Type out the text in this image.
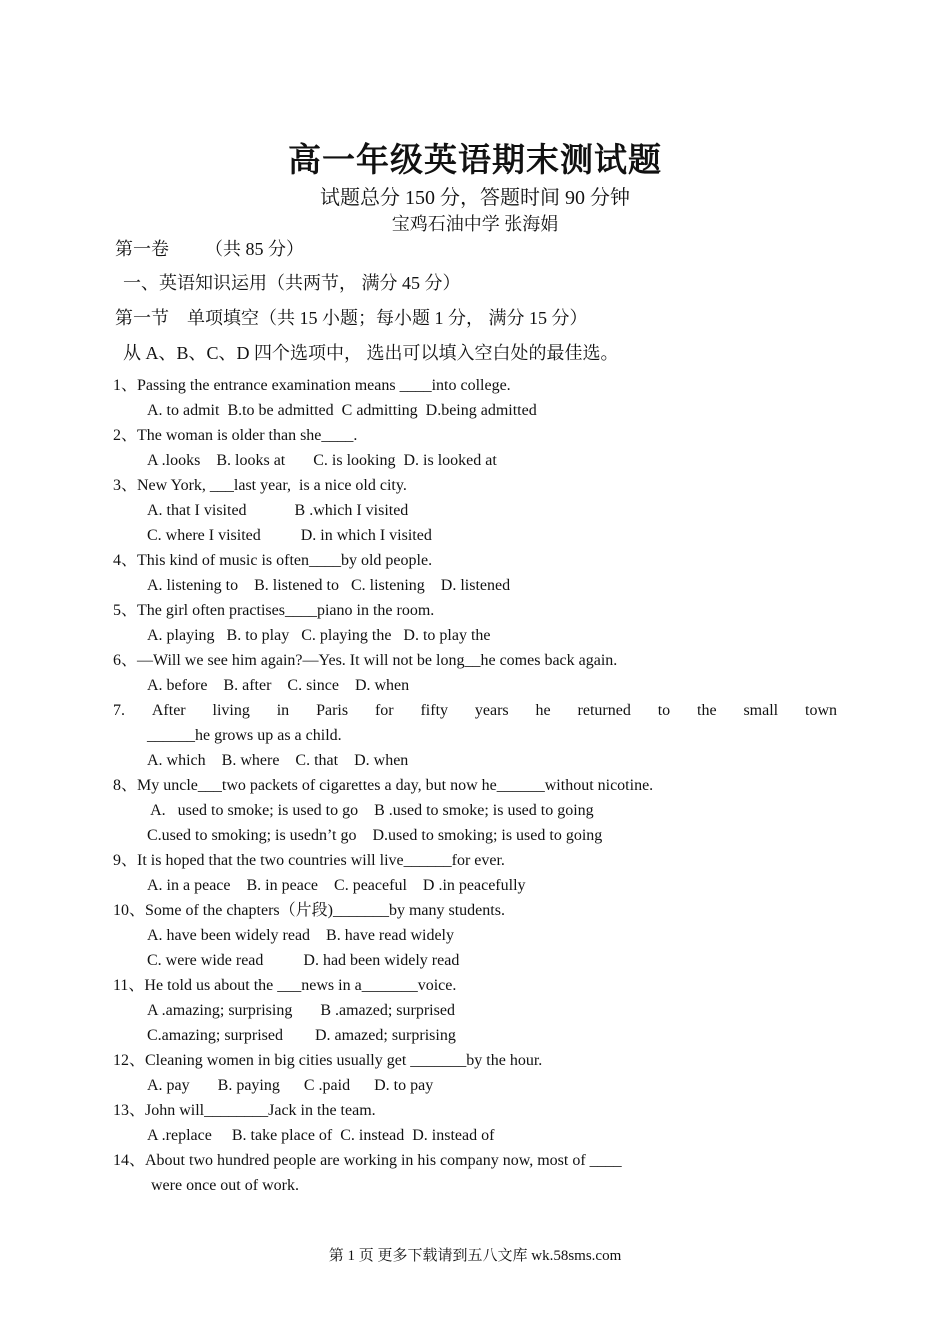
高一年级英语期末测试题
试题总分 150 分，答题时间 90 分钟
宝鸡石油中学 张海娟
第一卷        （共 85 分）
一、英语知识运用（共两节， 满分 45 分）
第一节    单项填空（共 15 小题；每小题 1 分， 满分 15 分）
从 A、B、C、D 四个选项中， 选出可以填入空白处的最佳选。
1、Passing the entrance examination means ____into college.
A. to admit  B.to be admitted  C admitting  D.being admitted
2、The woman is older than she____.
A .looks    B. looks at       C. is looking  D. is looked at
3、New York, ___last year,  is a nice old city.
A. that I visited            B .which I visited
C. where I visited          D. in which I visited
4、This kind of music is often____by old people.
A. listening to    B. listened to   C. listening    D. listened
5、The girl often practises____piano in the room.
A. playing   B. to play   C. playing the   D. to play the
6、—Will we see him again?—Yes. It will not be long__he comes back again.
A. before    B. after    C. since    D. when
7. After living in Paris for fifty years he returned to the small town
______he grows up as a child.
A. which    B. where    C. that    D. when
8、My uncle___two packets of cigarettes a day, but now he______without nicotine.
A.   used to smoke; is used to go    B .used to smoke; is used to going
C.used to smoking; is usedn’t go    D.used to smoking; is used to going
9、It is hoped that the two countries will live______for ever.
A. in a peace    B. in peace    C. peaceful    D .in peacefully
10、Some of the chapters（片段)_______by many students.
A. have been widely read    B. have read widely
C. were wide read          D. had been widely read
11、He told us about the ___news in a_______voice.
A .amazing; surprising       B .amazed; surprised
C.amazing; surprised        D. amazed; surprising
12、Cleaning women in big cities usually get _______by the hour.
A. pay       B. paying      C .paid      D. to pay
13、John will________Jack in the team.
A .replace     B. take place of  C. instead  D. instead of
14、About two hundred people are working in his company now, most of ____
were once out of work.
第 1 页 更多下载请到五八文库 wk.58sms.com
